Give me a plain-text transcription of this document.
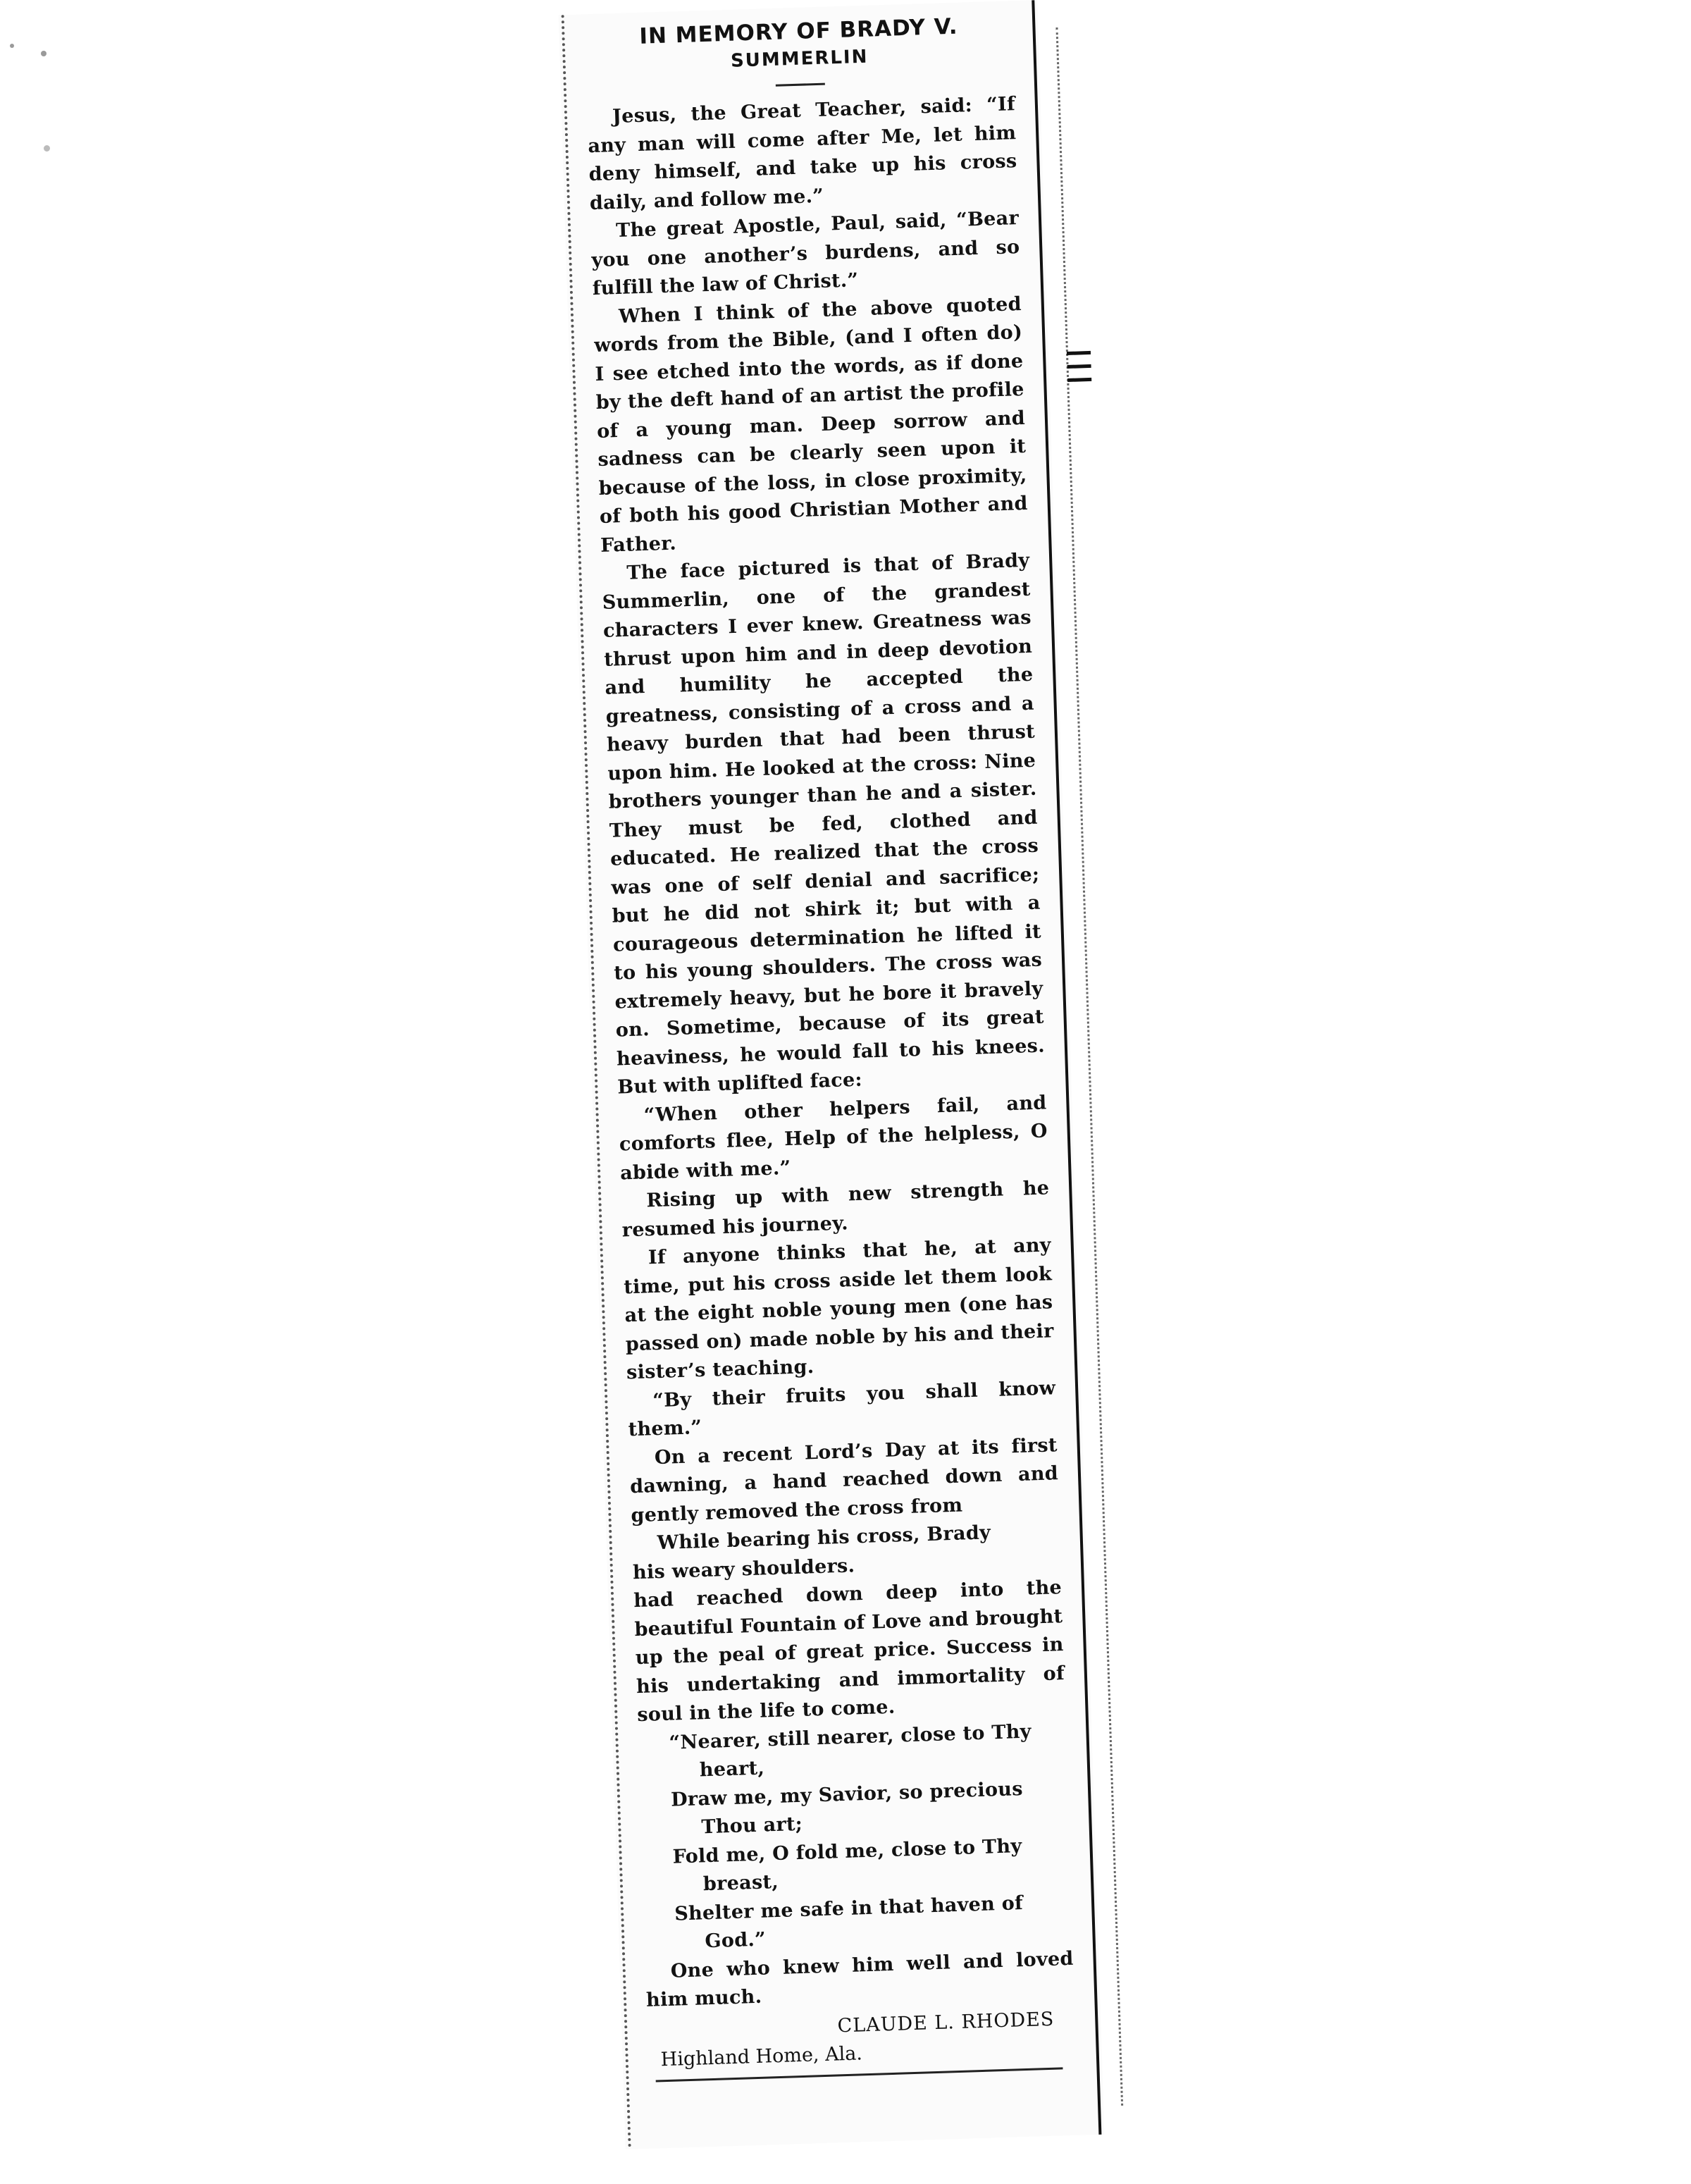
IN MEMORY OF BRADY V.
SUMMERLIN

Jesus, the Great Teacher, said: “If any man will come after Me, let him deny himself, and take up his cross daily, and follow me.”

The great Apostle, Paul, said, “Bear you one another’s burdens, and so fulfill the law of Christ.”

When I think of the above quoted words from the Bible, (and I often do) I see etched into the words, as if done by the deft hand of an artist the profile of a young man. Deep sorrow and sadness can be clearly seen upon it because of the loss, in close proximity, of both his good Christian Mother and Father.

The face pictured is that of Brady Summerlin, one of the grandest characters I ever knew. Greatness was thrust upon him and in deep devotion and humility he accepted the greatness, consisting of a cross and a heavy burden that had been thrust upon him. He looked at the cross: Nine brothers younger than he and a sister. They must be fed, clothed and educated. He realized that the cross was one of self denial and sacrifice; but he did not shirk it; but with a courageous determination he lifted it to his young shoulders. The cross was extremely heavy, but he bore it bravely on. Sometime, because of its great heaviness, he would fall to his knees. But with uplifted face:

“When other helpers fail, and comforts flee, Help of the helpless, O abide with me.”

Rising up with new strength he resumed his journey.

If anyone thinks that he, at any time, put his cross aside let them look at the eight noble young men (one has passed on) made noble by his and their sister’s teaching.

“By their fruits you shall know them.”

On a recent Lord’s Day at its first dawning, a hand reached down and gently removed the cross from

While bearing his cross, Brady

his weary shoulders.

had reached down deep into the beautiful Fountain of Love and brought up the peal of great price. Success in his undertaking and immortality of soul in the life to come.

“Nearer, still nearer, close to Thy

heart,

Draw me, my Savior, so precious

Thou art;

Fold me, O fold me, close to Thy

breast,

Shelter me safe in that haven of

God.”

One who knew him well and loved him much.

CLAUDE L. RHODES

Highland Home, Ala.
